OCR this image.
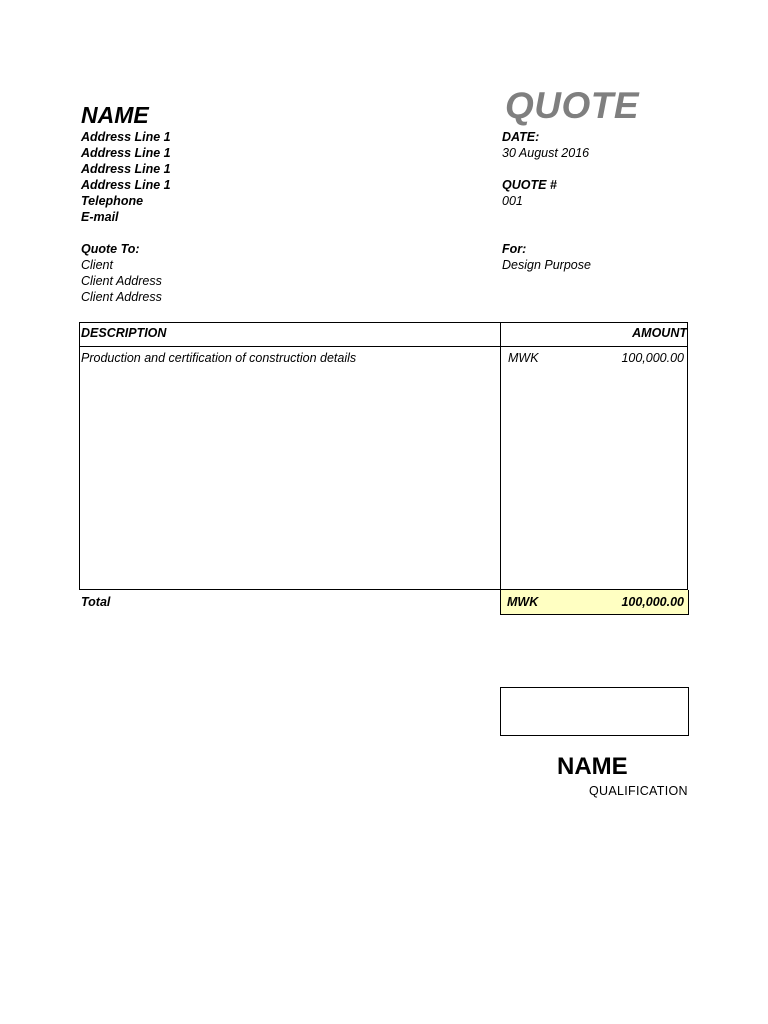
NAME
Address Line 1
Address Line 1
Address Line 1
Address Line 1
Telephone
E-mail
QUOTE
DATE:
30 August 2016
QUOTE #
001
Quote To:
Client
Client Address
Client Address
For:
Design Purpose
DESCRIPTION	AMOUNT
Production and certification of construction details	MWK	100,000.00
Total	MWK	100,000.00
NAME
QUALIFICATION
